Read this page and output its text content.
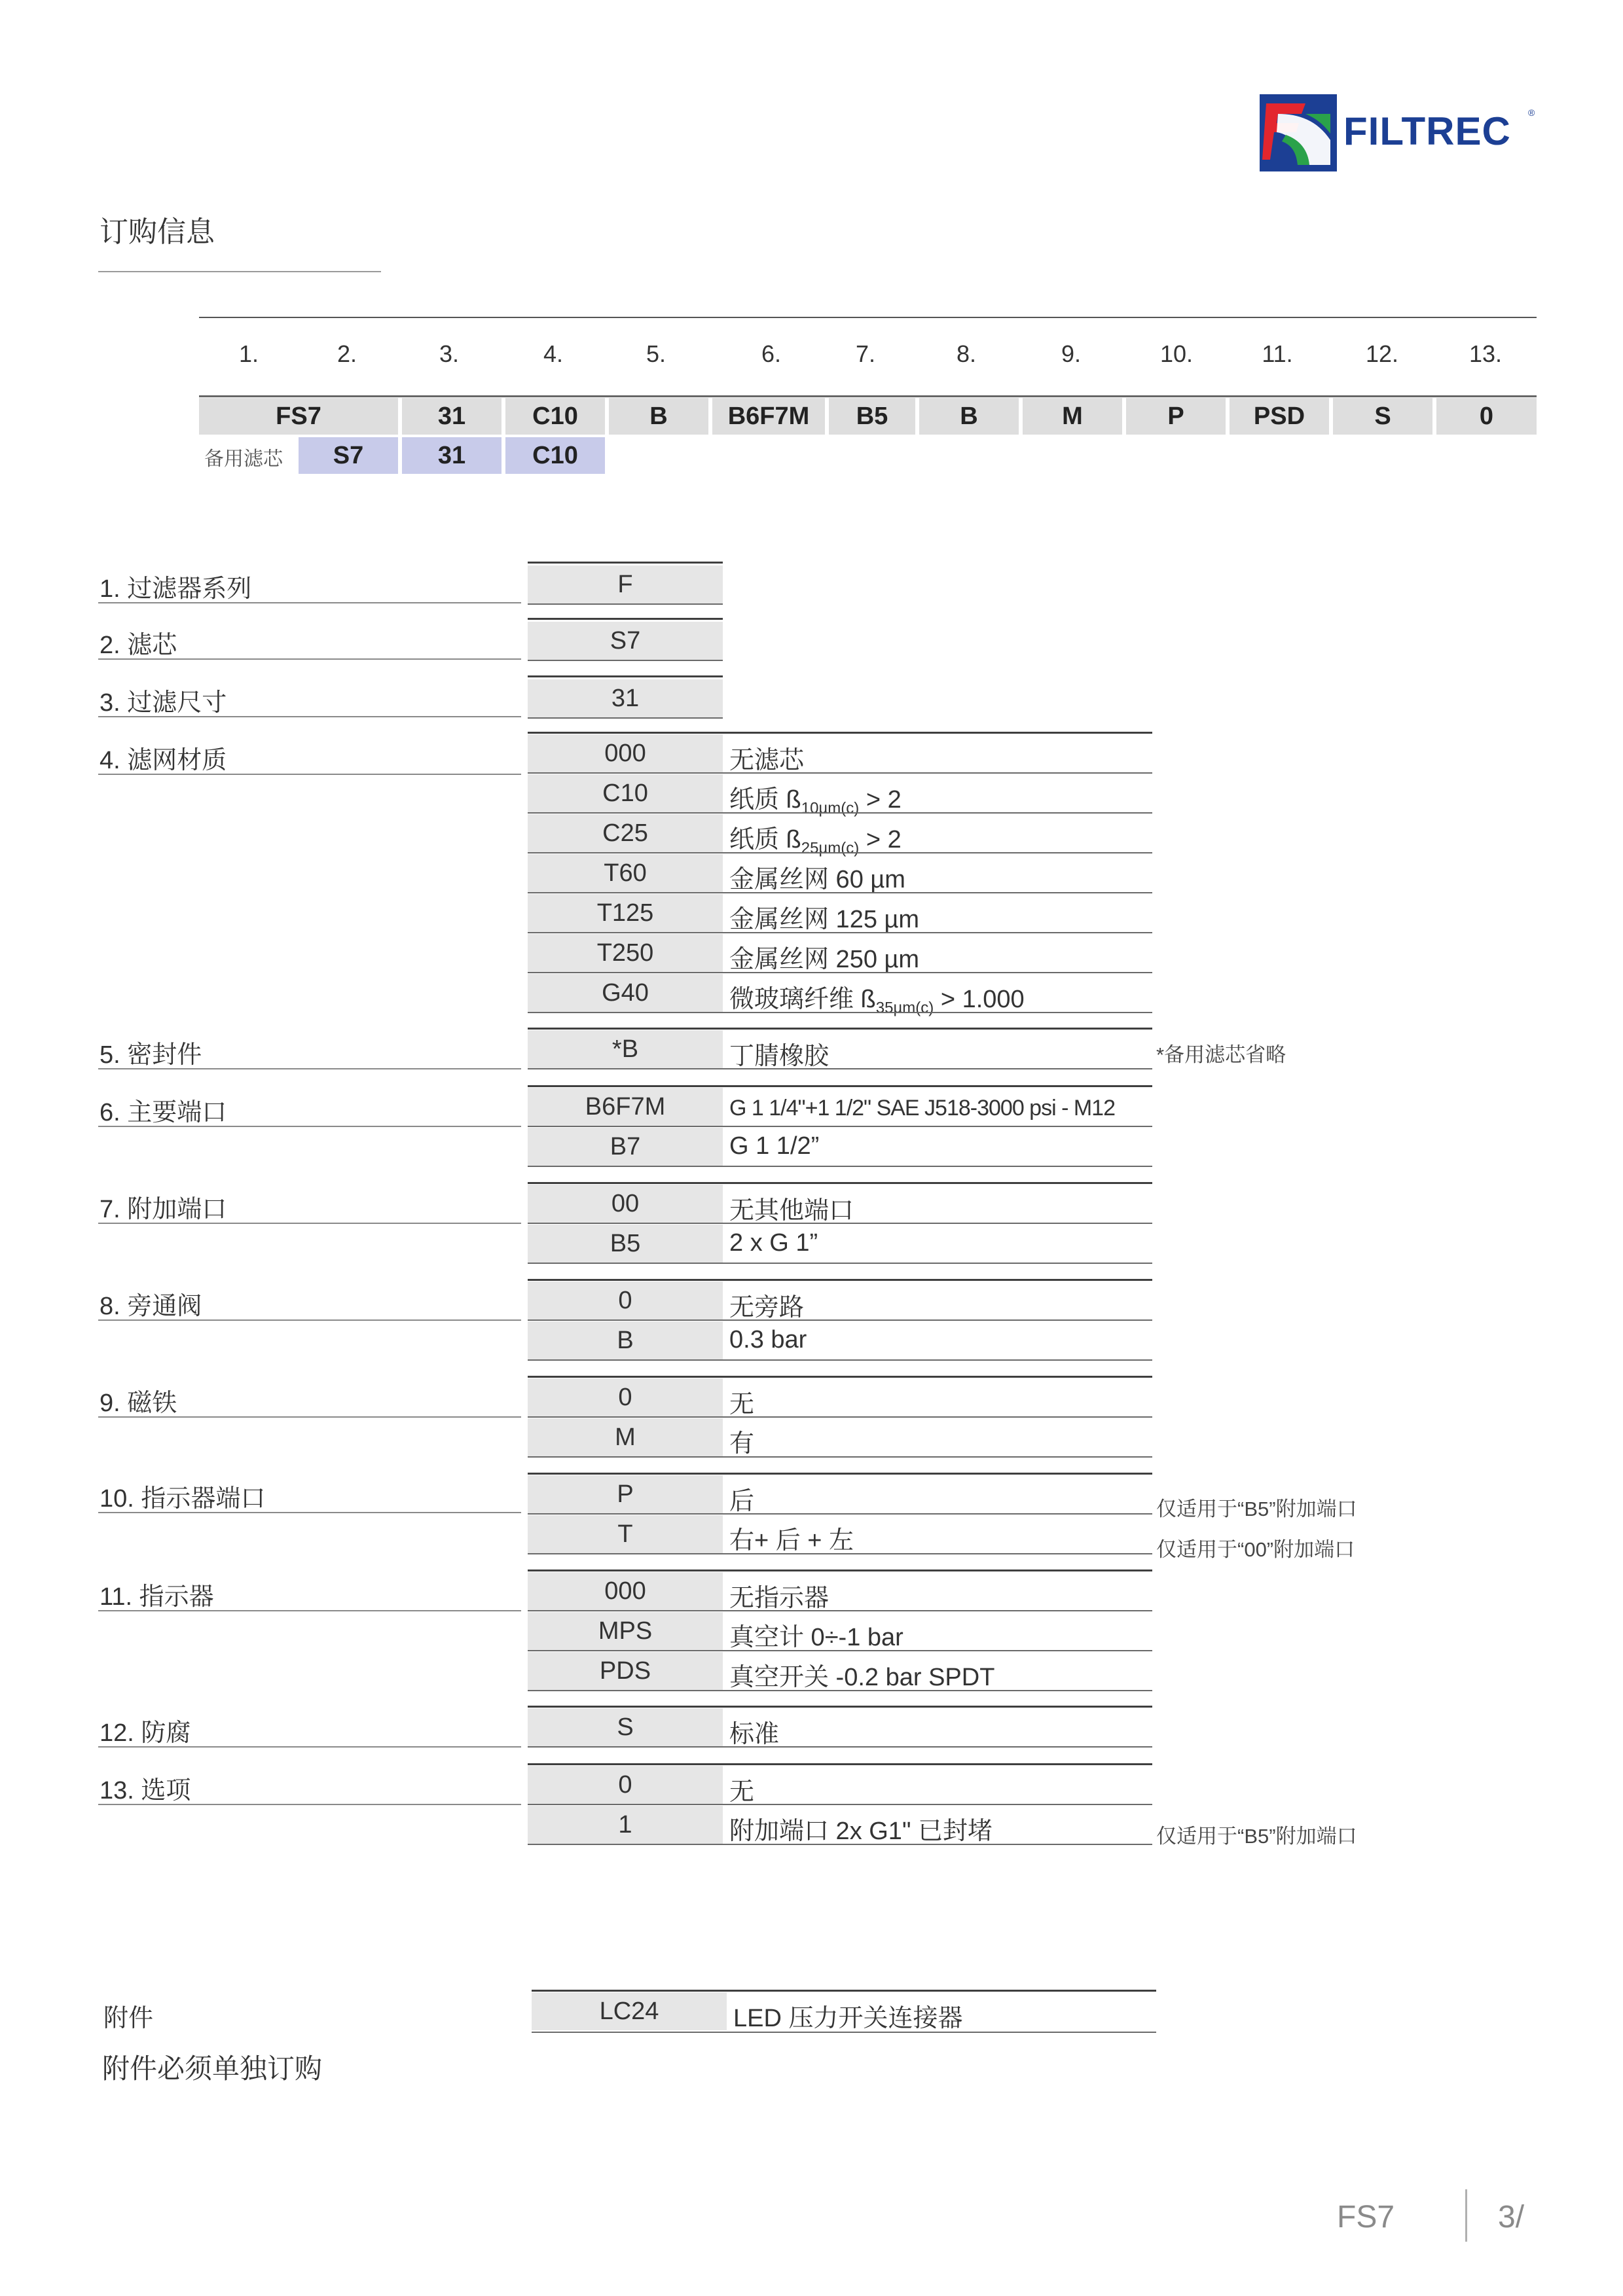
FILTREC ®
订购信息
1.	2.	3.	4.	5.	6.	7.	8.	9.	10.	11.	12.	13.
FS7	31	C10	B	B6F7M	B5	B	M	P	PSD	S	0
备用滤芯	S7	31	C10
1. 过滤器系列	F
2. 滤芯	S7
3. 过滤尺寸	31
4. 滤网材质	000	无滤芯
C10	纸质 $ß_{10\mu m(c)} > 2$
C25	纸质 $ß_{25\mu m(c)} > 2$
T60	金属丝网 60 µm
T125	金属丝网 125 µm
T250	金属丝网 250 µm
G40	微玻璃纤维 $ß_{35\mu m(c)} > 1.000$
5. 密封件	*B	丁腈橡胶	*备用滤芯省略
6. 主要端口	B6F7M	G 1 1/4"+1 1/2" SAE J518-3000 psi - M12
B7	G 1 1/2”
7. 附加端口	00	无其他端口
B5	2 x G 1”
8. 旁通阀	0	无旁路
B	0.3 bar
9. 磁铁	0	无
M	有
10. 指示器端口	P	后	仅适用于“B5”附加端口
T	右+ 后 + 左	仅适用于“00”附加端口
11. 指示器	000	无指示器
MPS	真空计 0÷-1 bar
PDS	真空开关 -0.2 bar SPDT
12. 防腐	S	标准
13. 选项	0	无
1	附加端口 2x G1" 已封堵	仅适用于“B5”附加端口
附件	LC24	LED 压力开关连接器
附件必须单独订购
FS7	3/
